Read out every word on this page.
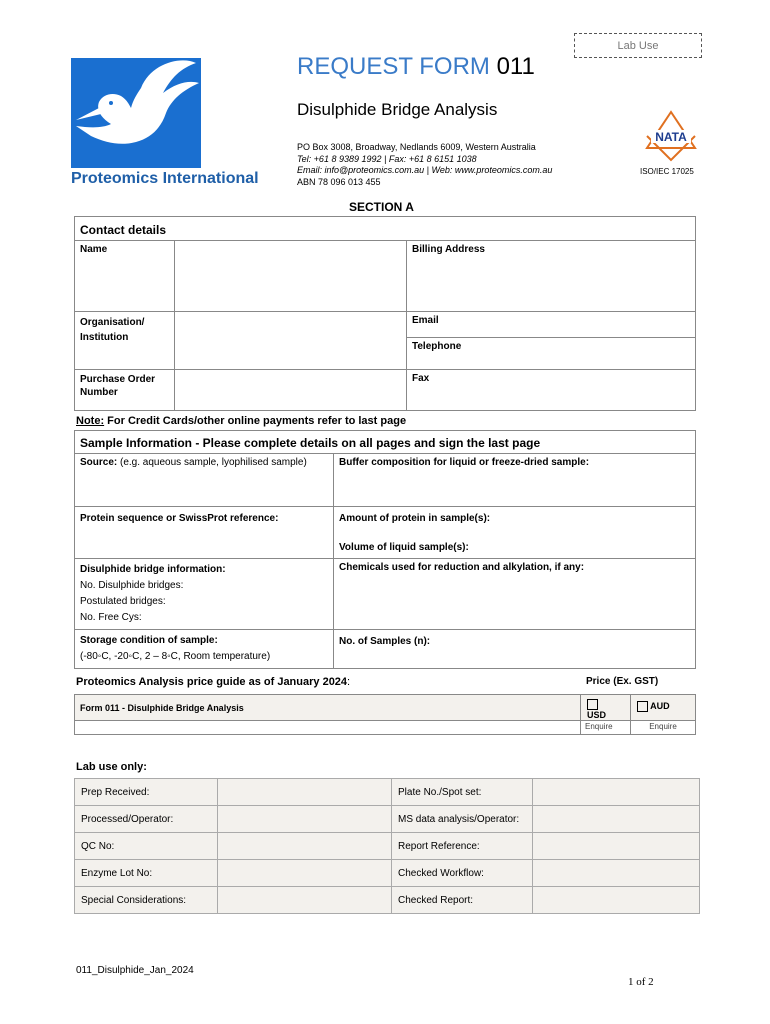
Lab Use
Proteomics International
REQUEST FORM 011
Disulphide Bridge Analysis
PO Box 3008, Broadway, Nedlands 6009, Western Australia
Tel: +61 8 9389 1992 | Fax: +61 8 6151 1038
Email: info@proteomics.com.au | Web: www.proteomics.com.au
ABN 78 096 013 455
NATA
ISO/IEC 17025
SECTION A
Contact details		
Name		Billing Address
Organisation/ Institution		Email
		Telephone
Purchase Order Number		Fax
Note: For Credit Cards/other online payments refer to last page
Sample Information - Please complete details on all pages and sign the last page	
Source: (e.g. aqueous sample, lyophilised sample)	Buffer composition for liquid or freeze-dried sample:
Protein sequence or SwissProt reference:	Amount of protein in sample(s):
Volume of liquid sample(s):

Disulphide bridge information:
No. Disulphide bridges:
Postulated bridges:
No. Free Cys:	Chemicals used for reduction and alkylation, if any:

Storage condition of sample:
(-80◦C, -20◦C, 2 – 8◦C, Room temperature)	No. of Samples (n):
Proteomics Analysis price guide as of January 2024:	Price (Ex. GST)
Form 011 - Disulphide Bridge Analysis	USD	AUD
	Enquire	Enquire
Lab use only:
Prep Received:		Plate No./Spot set:	
Processed/Operator:		MS data analysis/Operator:	
QC No:		Report Reference:	
Enzyme Lot No:		Checked Workflow:	
Special Considerations:		Checked Report:	
011_Disulphide_Jan_2024
1 of 2
